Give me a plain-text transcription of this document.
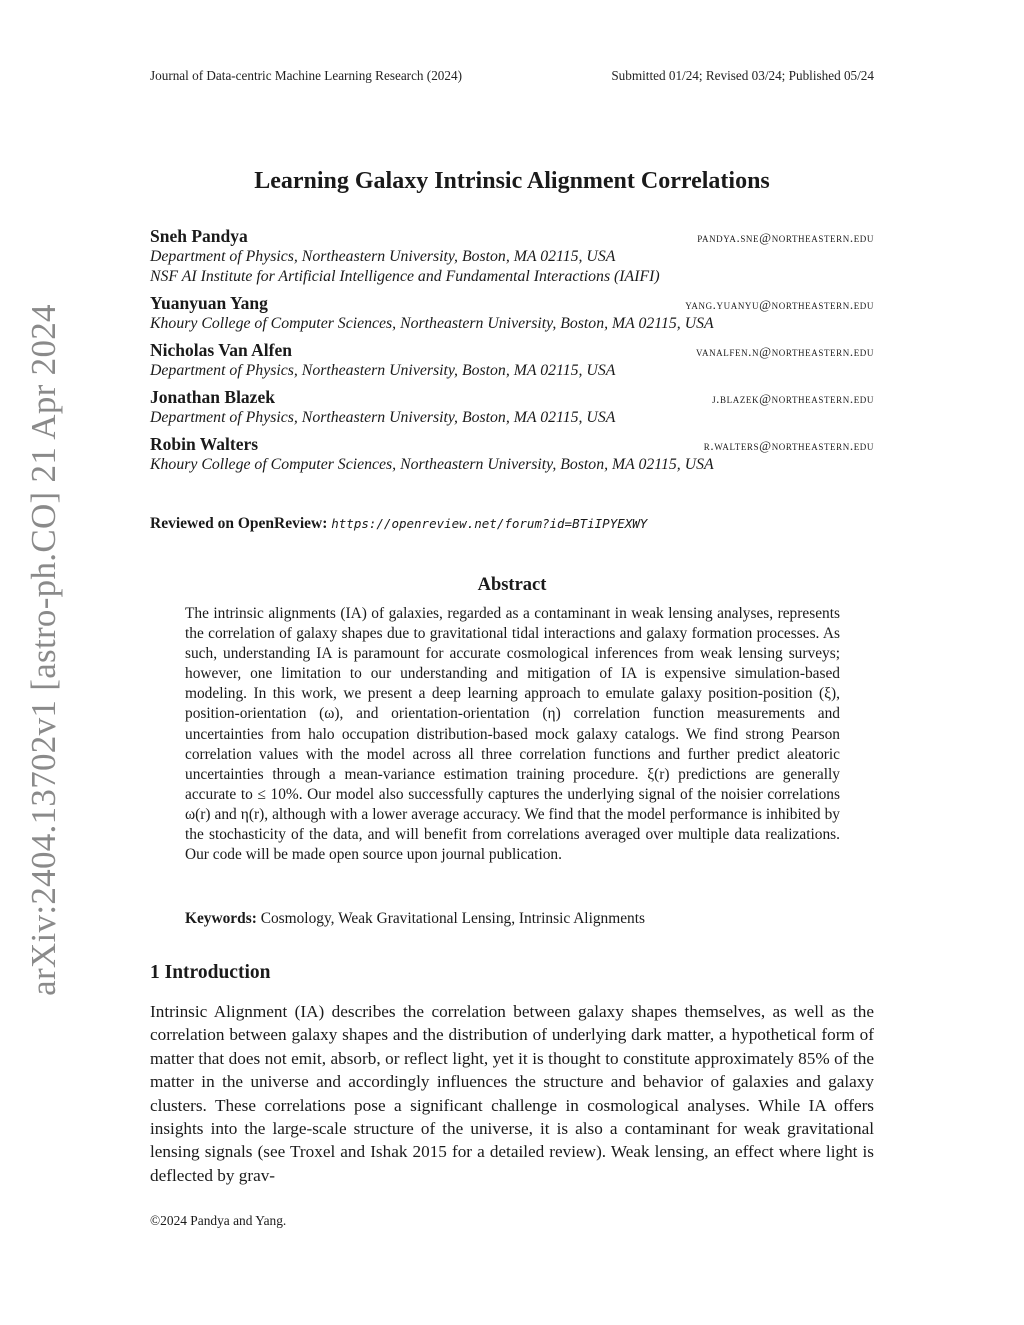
arXiv:2404.13702v1 [astro-ph.CO] 21 Apr 2024
Journal of Data-centric Machine Learning Research (2024)	Submitted 01/24; Revised 03/24; Published 05/24
Learning Galaxy Intrinsic Alignment Correlations
Sneh Pandya	pandya.sne@northeastern.edu
Department of Physics, Northeastern University, Boston, MA 02115, USA
NSF AI Institute for Artificial Intelligence and Fundamental Interactions (IAIFI)
Yuanyuan Yang	yang.yuanyu@northeastern.edu
Khoury College of Computer Sciences, Northeastern University, Boston, MA 02115, USA
Nicholas Van Alfen	vanalfen.n@northeastern.edu
Department of Physics, Northeastern University, Boston, MA 02115, USA
Jonathan Blazek	j.blazek@northeastern.edu
Department of Physics, Northeastern University, Boston, MA 02115, USA
Robin Walters	r.walters@northeastern.edu
Khoury College of Computer Sciences, Northeastern University, Boston, MA 02115, USA
Reviewed on OpenReview: https://openreview.net/forum?id=BTiIPYEXWY
Abstract
The intrinsic alignments (IA) of galaxies, regarded as a contaminant in weak lensing analyses, represents the correlation of galaxy shapes due to gravitational tidal interactions and galaxy formation processes. As such, understanding IA is paramount for accurate cosmological inferences from weak lensing surveys; however, one limitation to our understanding and mitigation of IA is expensive simulation-based modeling. In this work, we present a deep learning approach to emulate galaxy position-position (ξ), position-orientation (ω), and orientation-orientation (η) correlation function measurements and uncertainties from halo occupation distribution-based mock galaxy catalogs. We find strong Pearson correlation values with the model across all three correlation functions and further predict aleatoric uncertainties through a mean-variance estimation training procedure. ξ(r) predictions are generally accurate to ≤ 10%. Our model also successfully captures the underlying signal of the noisier correlations ω(r) and η(r), although with a lower average accuracy. We find that the model performance is inhibited by the stochasticity of the data, and will benefit from correlations averaged over multiple data realizations. Our code will be made open source upon journal publication.
Keywords: Cosmology, Weak Gravitational Lensing, Intrinsic Alignments
1 Introduction
Intrinsic Alignment (IA) describes the correlation between galaxy shapes themselves, as well as the correlation between galaxy shapes and the distribution of underlying dark matter, a hypothetical form of matter that does not emit, absorb, or reflect light, yet it is thought to constitute approximately 85% of the matter in the universe and accordingly influences the structure and behavior of galaxies and galaxy clusters. These correlations pose a significant challenge in cosmological analyses. While IA offers insights into the large-scale structure of the universe, it is also a contaminant for weak gravitational lensing signals (see Troxel and Ishak 2015 for a detailed review). Weak lensing, an effect where light is deflected by grav-
©2024 Pandya and Yang.
